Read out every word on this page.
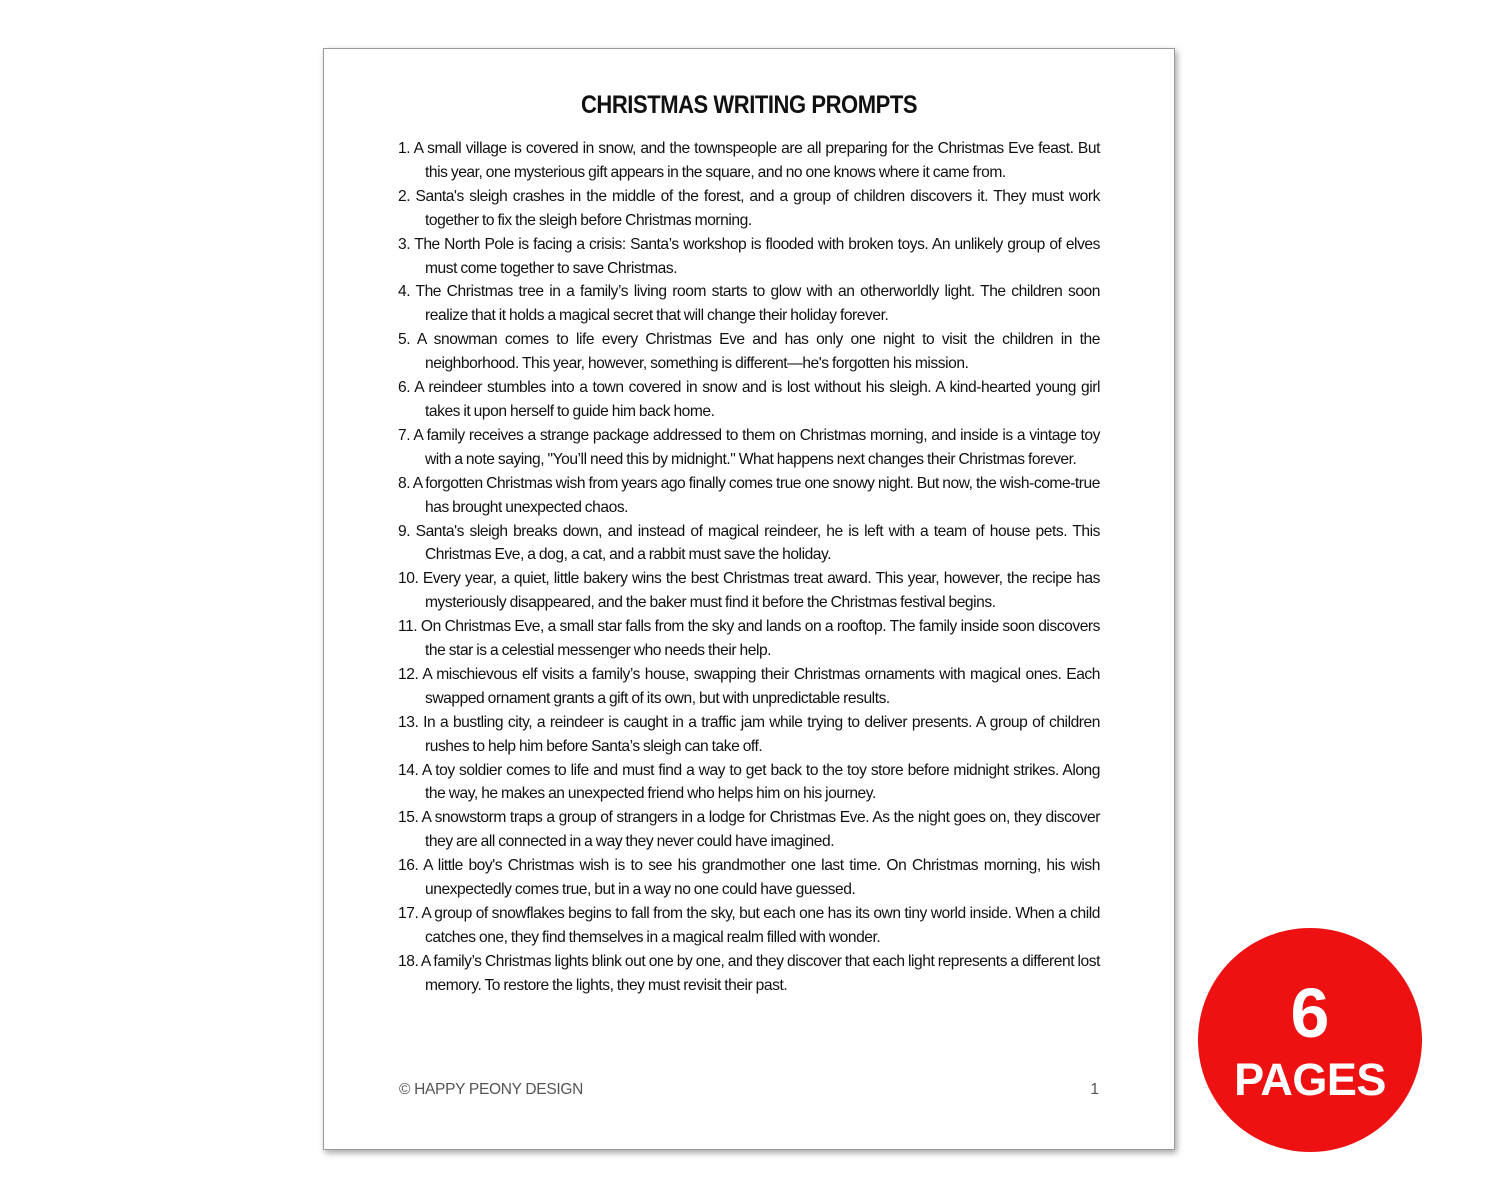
CHRISTMAS WRITING PROMPTS
1. A small village is covered in snow, and the townspeople are all preparing for the Christmas Eve feast. But this year, one mysterious gift appears in the square, and no one knows where it came from.
2. Santa's sleigh crashes in the middle of the forest, and a group of children discovers it. They must work together to fix the sleigh before Christmas morning.
3. The North Pole is facing a crisis: Santa’s workshop is flooded with broken toys. An unlikely group of elves must come together to save Christmas.
4. The Christmas tree in a family’s living room starts to glow with an otherworldly light. The children soon realize that it holds a magical secret that will change their holiday forever.
5. A snowman comes to life every Christmas Eve and has only one night to visit the children in the neighborhood. This year, however, something is different—he's forgotten his mission.
6. A reindeer stumbles into a town covered in snow and is lost without his sleigh. A kind-hearted young girl takes it upon herself to guide him back home.
7. A family receives a strange package addressed to them on Christmas morning, and inside is a vintage toy with a note saying, "You’ll need this by midnight." What happens next changes their Christmas forever.
8. A forgotten Christmas wish from years ago finally comes true one snowy night. But now, the wish-come-true has brought unexpected chaos.
9. Santa's sleigh breaks down, and instead of magical reindeer, he is left with a team of house pets. This Christmas Eve, a dog, a cat, and a rabbit must save the holiday.
10. Every year, a quiet, little bakery wins the best Christmas treat award. This year, however, the recipe has mysteriously disappeared, and the baker must find it before the Christmas festival begins.
11. On Christmas Eve, a small star falls from the sky and lands on a rooftop. The family inside soon discovers the star is a celestial messenger who needs their help.
12. A mischievous elf visits a family’s house, swapping their Christmas ornaments with magical ones. Each swapped ornament grants a gift of its own, but with unpredictable results.
13. In a bustling city, a reindeer is caught in a traffic jam while trying to deliver presents. A group of children rushes to help him before Santa’s sleigh can take off.
14. A toy soldier comes to life and must find a way to get back to the toy store before midnight strikes. Along the way, he makes an unexpected friend who helps him on his journey.
15. A snowstorm traps a group of strangers in a lodge for Christmas Eve. As the night goes on, they discover they are all connected in a way they never could have imagined.
16. A little boy's Christmas wish is to see his grandmother one last time. On Christmas morning, his wish unexpectedly comes true, but in a way no one could have guessed.
17. A group of snowflakes begins to fall from the sky, but each one has its own tiny world inside. When a child catches one, they find themselves in a magical realm filled with wonder.
18. A family’s Christmas lights blink out one by one, and they discover that each light represents a different lost memory. To restore the lights, they must revisit their past.
© HAPPY PEONY DESIGN	1
6
PAGES
